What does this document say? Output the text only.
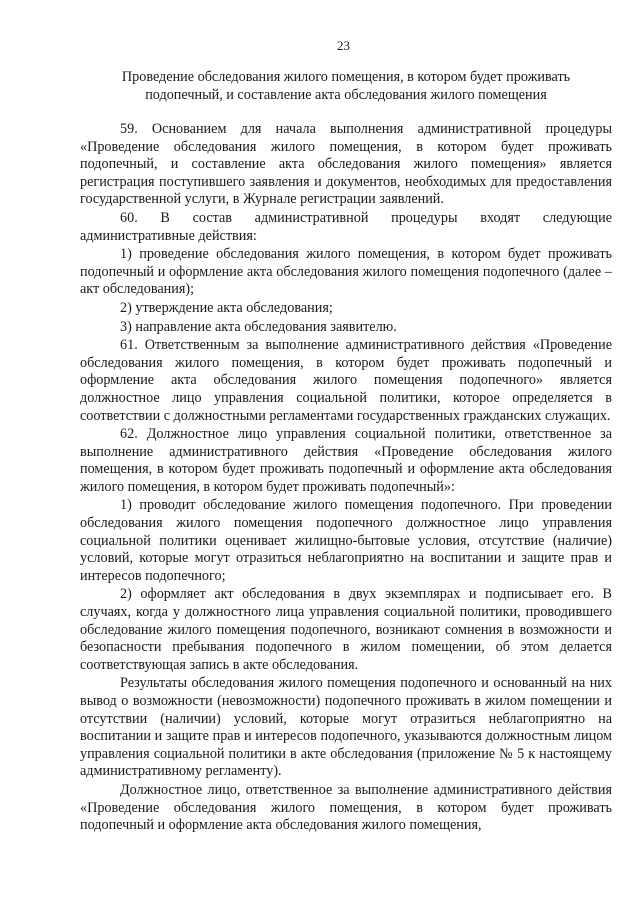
23
Проведение обследования жилого помещения, в котором будет проживать
подопечный, и составление акта обследования жилого помещения

59. Основанием для начала выполнения административной процедуры «Проведение обследования жилого помещения, в котором будет проживать подопечный, и составление акта обследования жилого помещения» является регистрация поступившего заявления и документов, необходимых для предоставления государственной услуги, в Журнале регистрации заявлений.

60. В состав административной процедуры входят следующие административные действия:

1) проведение обследования жилого помещения, в котором будет проживать подопечный и оформление акта обследования жилого помещения подопечного (далее – акт обследования);

2) утверждение акта обследования;

3) направление акта обследования заявителю.

61. Ответственным за выполнение административного действия «Проведение обследования жилого помещения, в котором будет проживать подопечный и оформление акта обследования жилого помещения подопечного» является должностное лицо управления социальной политики, которое определяется в соответствии с должностными регламентами государственных гражданских служащих.

62. Должностное лицо управления социальной политики, ответственное за выполнение административного действия «Проведение обследования жилого помещения, в котором будет проживать подопечный и оформление акта обследования жилого помещения, в котором будет проживать подопечный»:

1) проводит обследование жилого помещения подопечного. При проведении обследования жилого помещения подопечного должностное лицо управления социальной политики оценивает жилищно-бытовые условия, отсутствие (наличие) условий, которые могут отразиться неблагоприятно на воспитании и защите прав и интересов подопечного;

2) оформляет акт обследования в двух экземплярах и подписывает его. В случаях, когда у должностного лица управления социальной политики, проводившего обследование жилого помещения подопечного, возникают сомнения в возможности и безопасности пребывания подопечного в жилом помещении, об этом делается соответствующая запись в акте обследования.

Результаты обследования жилого помещения подопечного и основанный на них вывод о возможности (невозможности) подопечного проживать в жилом помещении и отсутствии (наличии) условий, которые могут отразиться неблагоприятно на воспитании и защите прав и интересов подопечного, указываются должностным лицом управления социальной политики в акте обследования (приложение № 5 к настоящему административному регламенту).

Должностное лицо, ответственное за выполнение административного действия «Проведение обследования жилого помещения, в котором будет проживать подопечный и оформление акта обследования жилого помещения,
